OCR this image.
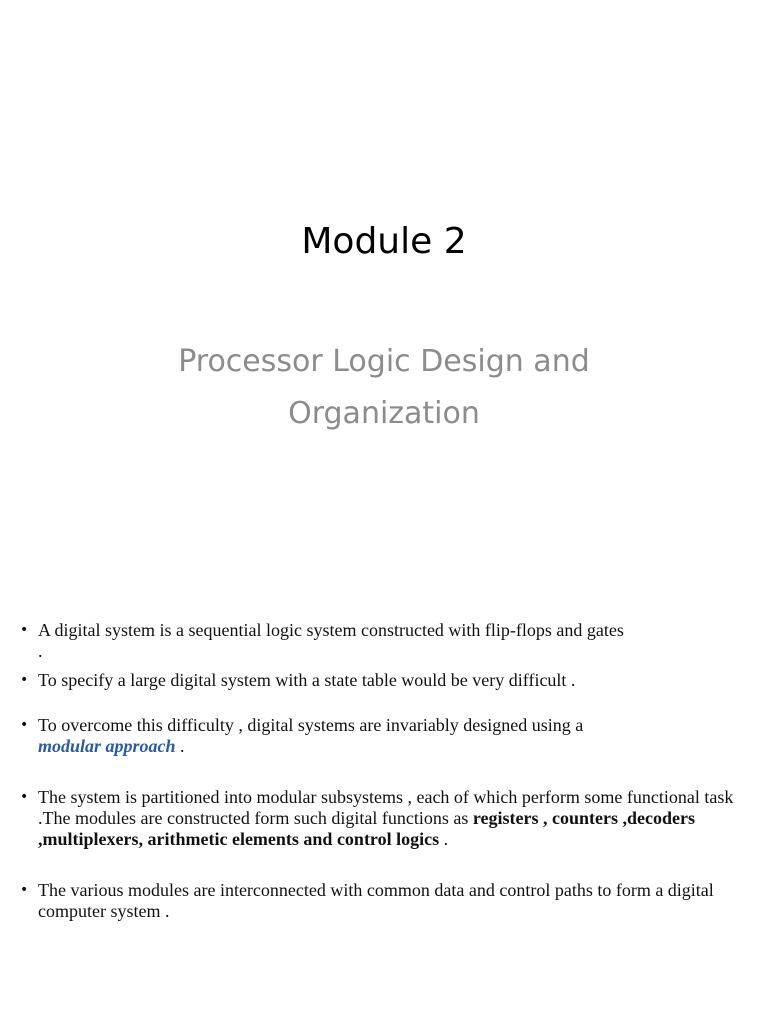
Module 2
Processor Logic Design and
Organization
• A digital system is a sequential logic system constructed with flip-flops and gates
.
• To specify a large digital system with a state table would be very difficult .
• To overcome this difficulty , digital systems are invariably designed using a
modular approach .
• The system is partitioned into modular subsystems , each of which perform some functional task .The modules are constructed form such digital functions as registers , counters ,decoders ,multiplexers, arithmetic elements and control logics .
• The various modules are interconnected with common data and control paths to form a digital computer system .
